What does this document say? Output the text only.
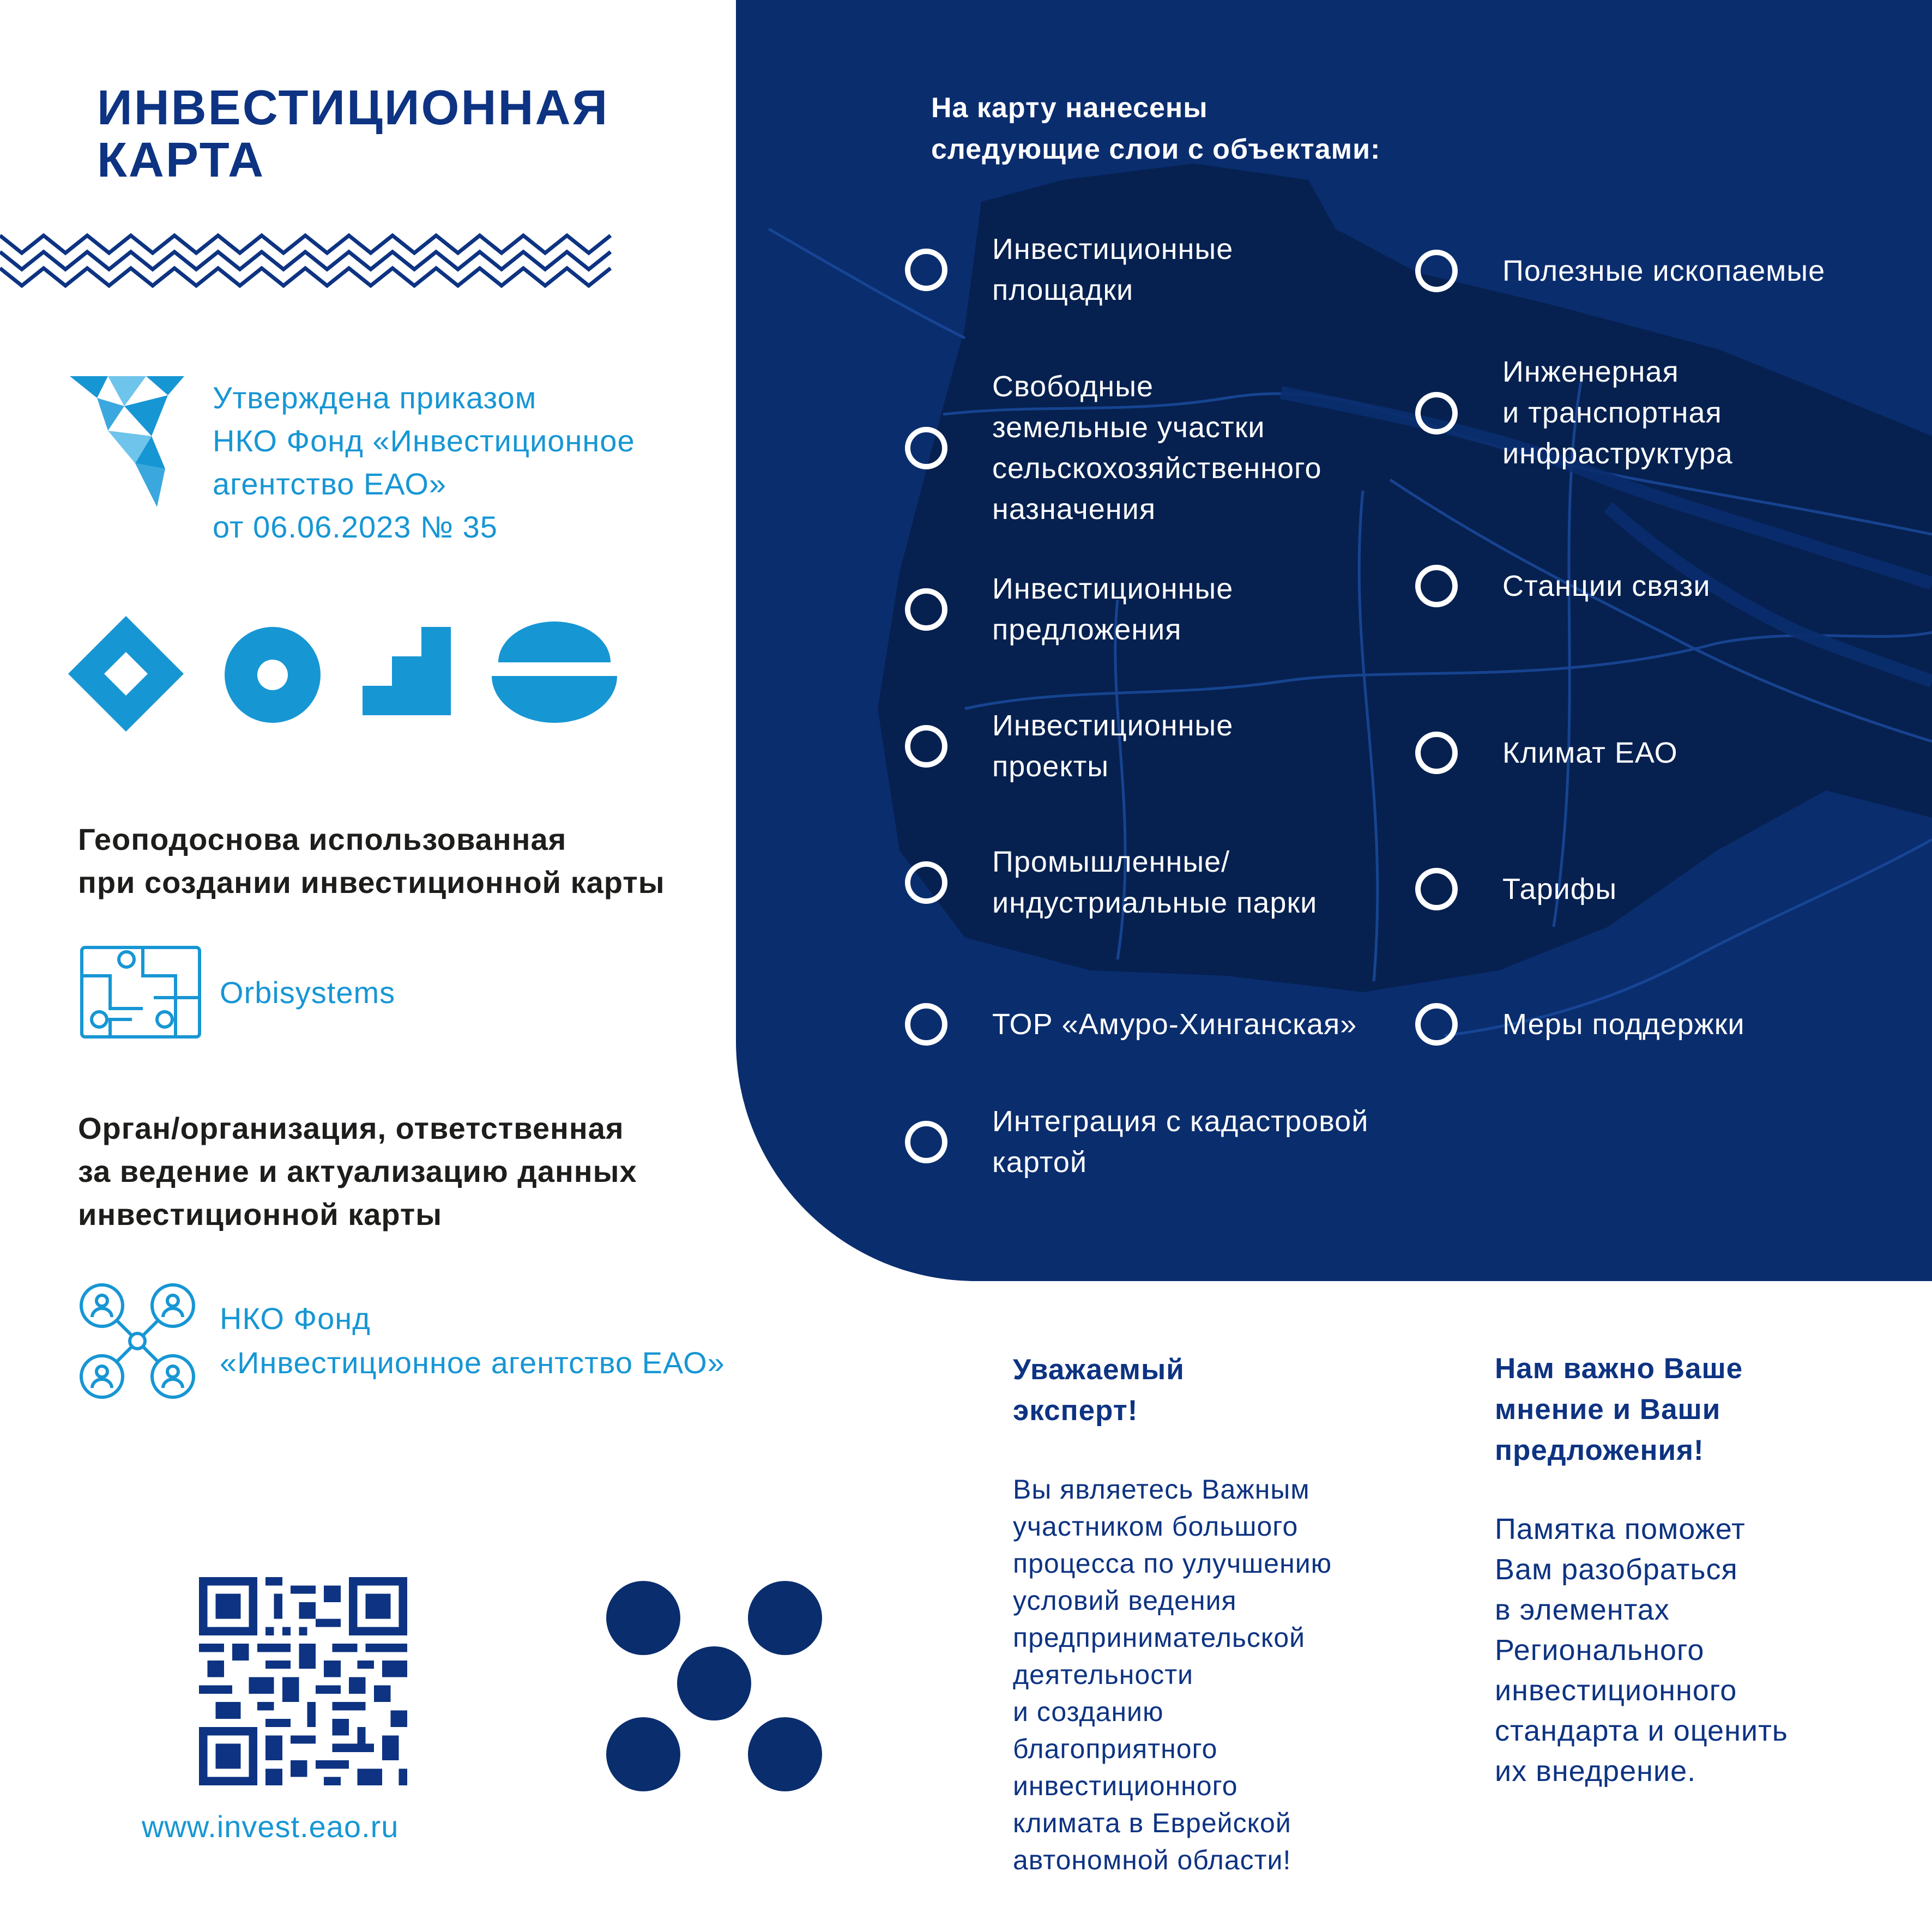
ИНВЕСТИЦИОННАЯ
КАРТА
Утверждена приказом
НКО Фонд «Инвестиционное
агентство ЕАО»
от 06.06.2023 № 35
Геоподоснова использованная
при создании инвестиционной карты
Orbisystems
Орган/организация, ответственная
за ведение и актуализацию данных
инвестиционной карты
НКО Фонд
«Инвестиционное агентство ЕАО»
www.invest.eao.ru
На карту нанесены
следующие слои с объектами:
Инвестиционные
площадки
Свободные
земельные участки
сельскохозяйственного
назначения
Инвестиционные
предложения
Инвестиционные
проекты
Промышленные/
индустриальные парки
ТОР «Амуро-Хинганская»
Интеграция с кадастровой
картой
Полезные ископаемые
Инженерная
и транспортная
инфраструктура
Станции связи
Климат ЕАО
Тарифы
Меры поддержки
Уважаемый
эксперт!
Вы являетесь Важным
участником большого
процесса по улучшению
условий ведения
предпринимательской
деятельности
и созданию
благоприятного
инвестиционного
климата в Еврейской
автономной области!
Нам важно Ваше
мнение и Ваши
предложения!
Памятка поможет
Вам разобраться
в элементах
Регионального
инвестиционного
стандарта и оценить
их внедрение.
